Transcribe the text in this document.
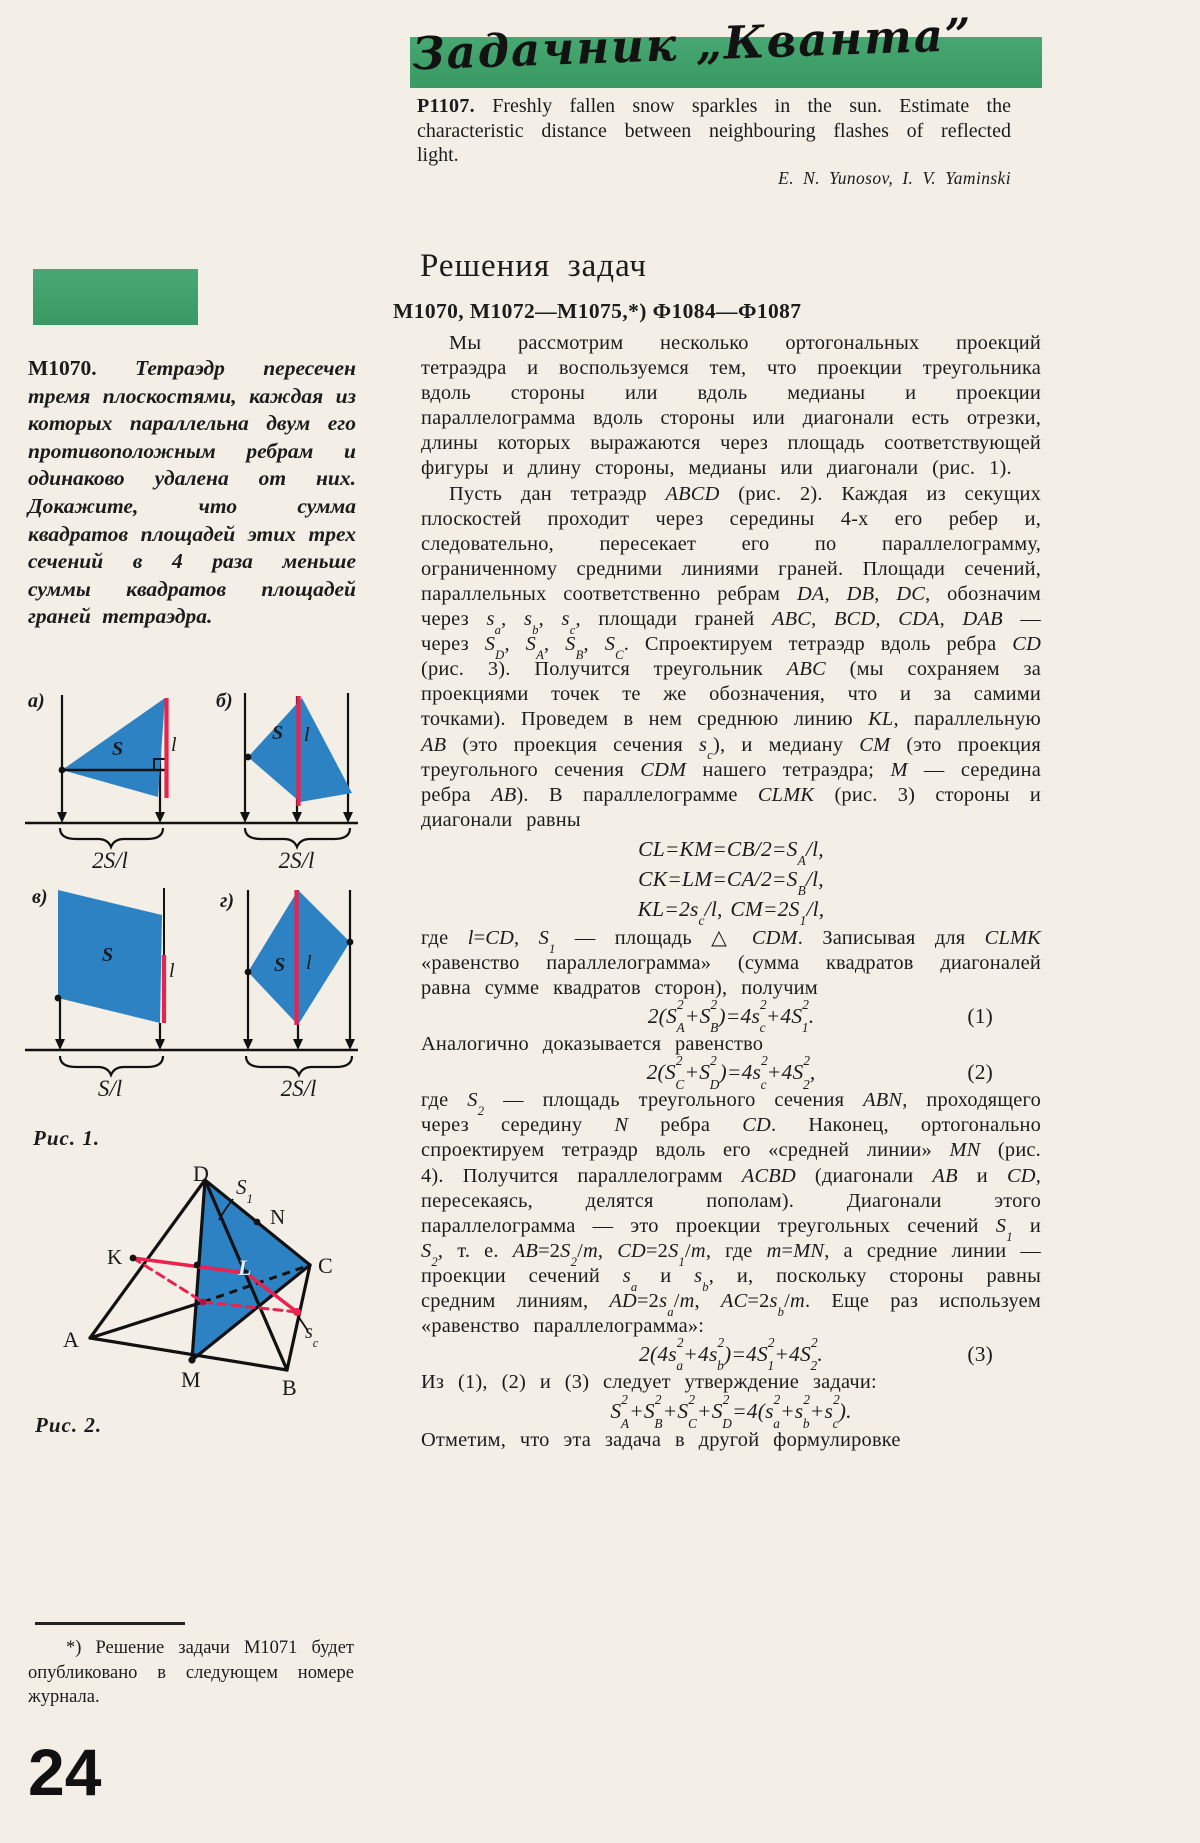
Задачник „Кванта”
P1107. Freshly fallen snow sparkles in the sun. Estimate the characteristic distance between neighbouring flashes of reflected light.
E. N. Yunosov, I. V. Yaminski
Решения задач
М1070, М1072—М1075,*) Ф1084—Ф1087

Мы рассмотрим несколько ортогональных проекций тетраэдра и воспользуемся тем, что проекции треугольника вдоль стороны или вдоль медианы и проекции параллелограмма вдоль стороны или диагонали есть отрезки, длины которых выражаются через площадь соответствующей фигуры и длину стороны, медианы или диагонали (рис. 1).

Пусть дан тетраэдр ABCD (рис. 2). Каждая из секущих плоскостей проходит через середины 4-х его ребер и, следовательно, пересекает его по параллелограмму, ограниченному средними линиями граней. Площади сечений, параллельных соответственно ребрам DA, DB, DC, обозначим через $s_a$, $s_b$, $s_c$, площади граней ABC, BCD, CDA, DAB — через $S_D$, $S_A$, $S_B$, $S_C$. Спроектируем тетраэдр вдоль ребра CD (рис. 3). Получится треугольник ABC (мы сохраняем за проекциями точек те же обозначения, что и за самими точками). Проведем в нем среднюю линию KL, параллельную AB (это проекция сечения $s_c$), и медиану CM (это проекция треугольного сечения CDM нашего тетраэдра; M — середина ребра AB). В параллелограмме CLMK (рис. 3) стороны и диагонали равны

$CL=KM=CB/2=S_A/l$,
$CK=LM=CA/2=S_B/l$,
$KL=2s_c/l$, $CM=2S_1/l$,

где l=CD, $S_1$ — площадь △ CDM. Записывая для CLMK «равенство параллелограмма» (сумма квадратов диагоналей равна сумме квадратов сторон), получим

$2(S^2_A+S^2_B)=4s^2_c+4S^2_1$.	(1)

Аналогично доказывается равенство

$2(S^2_C+S^2_D)=4s^2_c+4S^2_2$,	(2)

где $S_2$ — площадь треугольного сечения ABN, проходящего через середину N ребра CD. Наконец, ортогонально спроектируем тетраэдр вдоль его «средней линии» MN (рис. 4). Получится параллелограмм ACBD (диагонали AB и CD, пересекаясь, делятся пополам). Диагонали этого параллелограмма — это проекции треугольных сечений $S_1$ и $S_2$, т. е. $AB=2S_2/m$, $CD=2S_1/m$, где m=MN, а средние линии — проекции сечений $s_a$ и $s_b$, и, поскольку стороны равны средним линиям, $AD=2s_a/m$, $AC=2s_b/m$. Еще раз используем «равенство параллелограмма»:

$2(4s^2_a+4s^2_b)=4S^2_1+4S^2_2$.	(3)

Из (1), (2) и (3) следует утверждение задачи:

$S^2_A+S^2_B+S^2_C+S^2_D=4(s^2_a+s^2_b+s^2_c)$.

Отметим, что эта задача в другой формулировке

М1070. Тетраэдр пересечен тремя плоскостями, каждая из которых параллельна двум его противоположным ребрам и одинаково удалена от них. Докажите, что сумма квадратов площадей этих трех сечений в 4 раза меньше суммы квадратов площадей граней тетраэдра.
а)
S l
б)
S l
в)
S
l
г)
S l
2S/l	2S/l
S/l	2S/l
Рис. 1.
D
$S_1$
N
K	L	C
A
M	B
$s_c$
Рис. 2.
*) Решение задачи М1071 будет опубликовано в следующем номере журнала.
24
